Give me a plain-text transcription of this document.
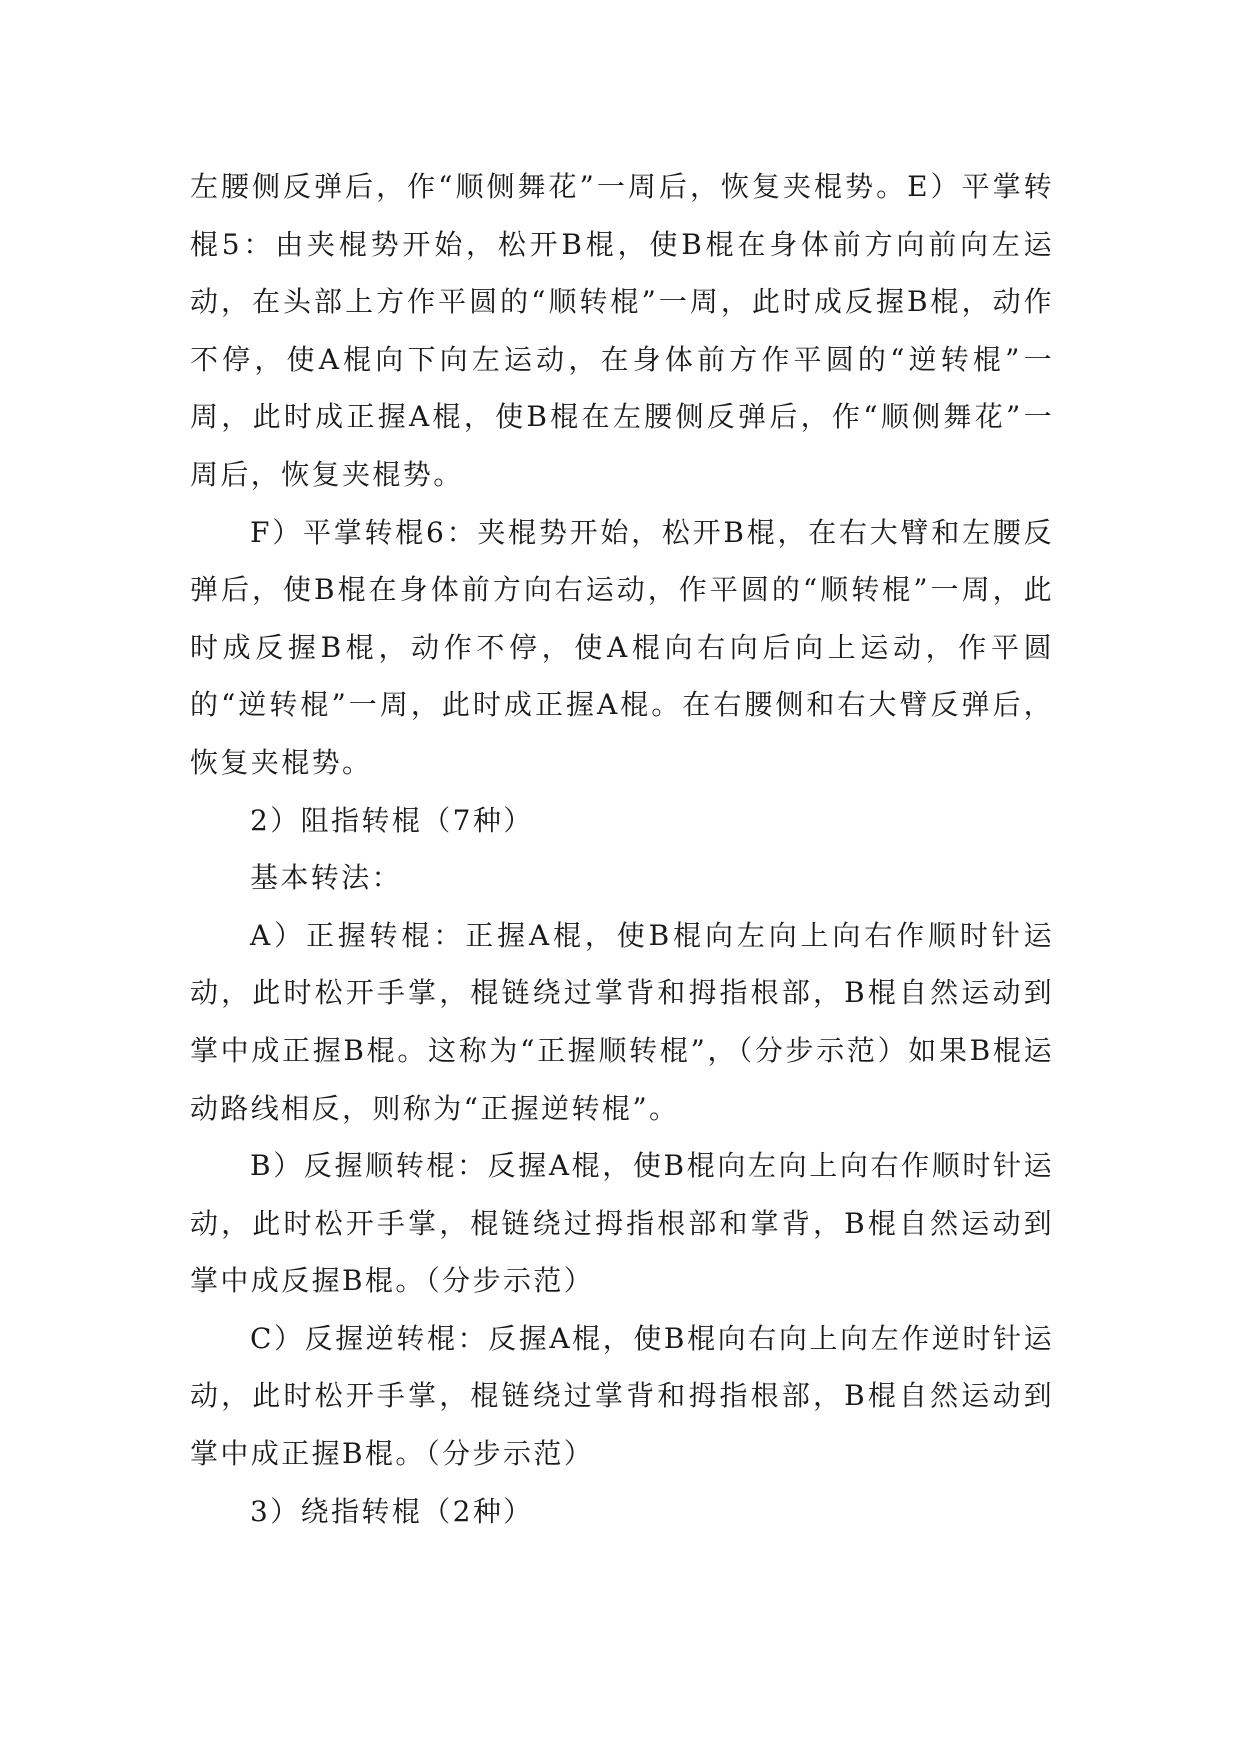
左腰侧反弹后，作“顺侧舞花”一周后，恢复夹棍势。E）平掌转棍5：由夹棍势开始，松开B棍，使B棍在身体前方向前向左运动，在头部上方作平圆的“顺转棍”一周，此时成反握B棍，动作不停，使A棍向下向左运动，在身体前方作平圆的“逆转棍”一周，此时成正握A棍，使B棍在左腰侧反弹后，作“顺侧舞花”一周后，恢复夹棍势。

F）平掌转棍6：夹棍势开始，松开B棍，在右大臂和左腰反弹后，使B棍在身体前方向右运动，作平圆的“顺转棍”一周，此时成反握B棍，动作不停，使A棍向右向后向上运动，作平圆的“逆转棍”一周，此时成正握A棍。在右腰侧和右大臂反弹后，恢复夹棍势。

2）阻指转棍（7种）

基本转法：

A）正握转棍：正握A棍，使B棍向左向上向右作顺时针运动，此时松开手掌，棍链绕过掌背和拇指根部，B棍自然运动到掌中成正握B棍。这称为“正握顺转棍”，（分步示范）如果B棍运动路线相反，则称为“正握逆转棍”。

B）反握顺转棍：反握A棍，使B棍向左向上向右作顺时针运动，此时松开手掌，棍链绕过拇指根部和掌背，B棍自然运动到掌中成反握B棍。（分步示范）

C）反握逆转棍：反握A棍，使B棍向右向上向左作逆时针运动，此时松开手掌，棍链绕过掌背和拇指根部，B棍自然运动到掌中成正握B棍。（分步示范）

3）绕指转棍（2种）
